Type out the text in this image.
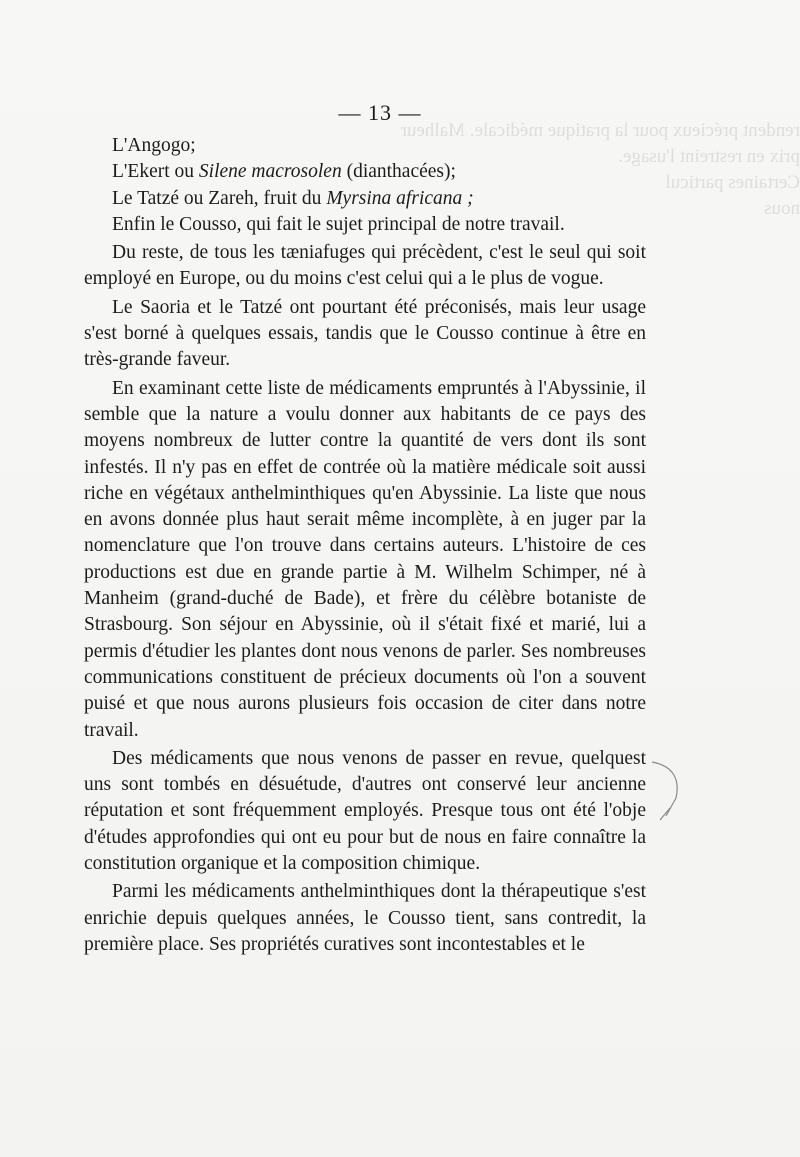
rendent précieux pour la pratique médicale. Malheur
prix en restreint l'usage.
Certaines particul
nous
— 13 —

L'Angogo;

L'Ekert ou Silene macrosolen (dianthacées);

Le Tatzé ou Zareh, fruit du Myrsina africana ;

Enfin le Cousso, qui fait le sujet principal de notre travail.

Du reste, de tous les tæniafuges qui précèdent, c'est le seul qui soit employé en Europe, ou du moins c'est celui qui a le plus de vogue.

Le Saoria et le Tatzé ont pourtant été préconisés, mais leur usage s'est borné à quelques essais, tandis que le Cousso continue à être en très-grande faveur.

En examinant cette liste de médicaments empruntés à l'Abyssinie, il semble que la nature a voulu donner aux habitants de ce pays des moyens nombreux de lutter contre la quantité de vers dont ils sont infestés. Il n'y pas en effet de contrée où la matière médicale soit aussi riche en végétaux anthelminthiques qu'en Abyssinie. La liste que nous en avons donnée plus haut serait même incomplète, à en juger par la nomenclature que l'on trouve dans certains auteurs. L'histoire de ces productions est due en grande partie à M. Wilhelm Schimper, né à Manheim (grand-duché de Bade), et frère du célèbre botaniste de Strasbourg. Son séjour en Abyssinie, où il s'était fixé et marié, lui a permis d'étudier les plantes dont nous venons de parler. Ses nombreuses communications constituent de précieux documents où l'on a souvent puisé et que nous aurons plusieurs fois occasion de citer dans notre travail.

Des médicaments que nous venons de passer en revue, quelquest uns sont tombés en désuétude, d'autres ont conservé leur ancienne réputation et sont fréquemment employés. Presque tous ont été l'obje d'études approfondies qui ont eu pour but de nous en faire connaître la constitution organique et la composition chimique.

Parmi les médicaments anthelminthiques dont la thérapeutique s'est enrichie depuis quelques années, le Cousso tient, sans contredit, la première place. Ses propriétés curatives sont incontestables et le
